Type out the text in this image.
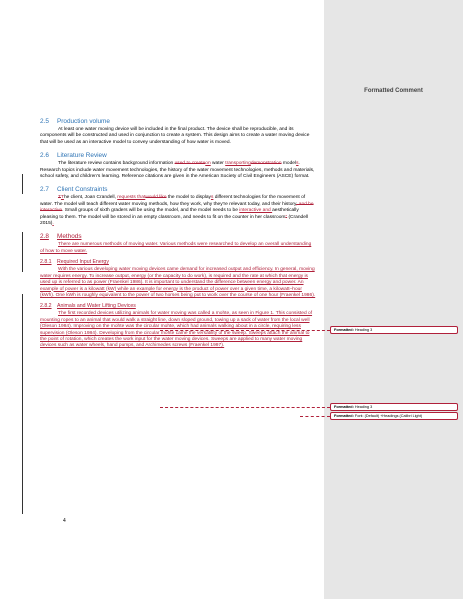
2.5 Production volume
At least one water moving device will be included in the final product. The device shall be reproducible, and its components will be constructed and used in conjunction to create a system. This design aims to create a water moving device that will be used as an interactive model to convey understanding of how water is moved.
2.6 Literature Review
The literature review contains background information used to createon water transportingdemonstration models. Research topics include water movement technologies, the history of the water movement technologies, methods and materials, school safety, and children's learning. Reference citations are given in the American Society of Civil Engineers (ASCE) format.
2.7 Client Constraints
TThe client, Joan Crandell, requests thatwould like the model to displays different technologies for the movement of water. The model will teach different water moving methods, how they work, why they're relevant today, and their history, and be interactive. Small groups of sixth graders will be using the model, and the model needs to be interactive and aesthetically pleasing to them. The model will be stored in an empty classroom, and needs to fit on the counter in her classroom” (Crandell 2015).
2.8 Methods
There are numerous methods of moving water. Various methods were researched to develop an overall understanding of how to move water.
2.8.1 Required Input Energy
With the various developing water moving devices came demand for increased output and efficiency. In general, moving water requires energy. To increase output, energy (or the capacity to do work), is required and the rate at which that energy is used up is referred to as power (Fraenkel 1986). It is important to understand the difference between energy and power. An example of power is a kilowatt (kW) while an example for energy is the product of power over a given time, a kilowatt–hour (kWh). One kWh is roughly equivalent to the power of two horses being put to work over the course of one hour (Fraenkel 1986).
2.8.2 Animals and Water Lifting Devices
The first recorded devices utilizing animals for water moving was called a mohte, as seen in Figure 1. This consisted of mounting ropes to an animal that would walk a straight line, down sloped ground, towing up a sack of water from the local well (Oleson 1984). Improving on the mohte was the circular mohte, which had animals walking about in a circle, requiring less supervision (Oleson 1984). Developing from the circular mohte came the versatility of the sweep. Sweeps attach the animal to the point of rotation, which creates the work input for the water moving devices. Sweeps are applied to many water moving devices such as water wheels, hand pumps, and Archimedes screws (Fraenkel 1997).
4
Formatted Comment
Formatted: Heading 3
Formatted: Heading 3
Formatted: Font: (Default) +Headings (Calibri Light)
